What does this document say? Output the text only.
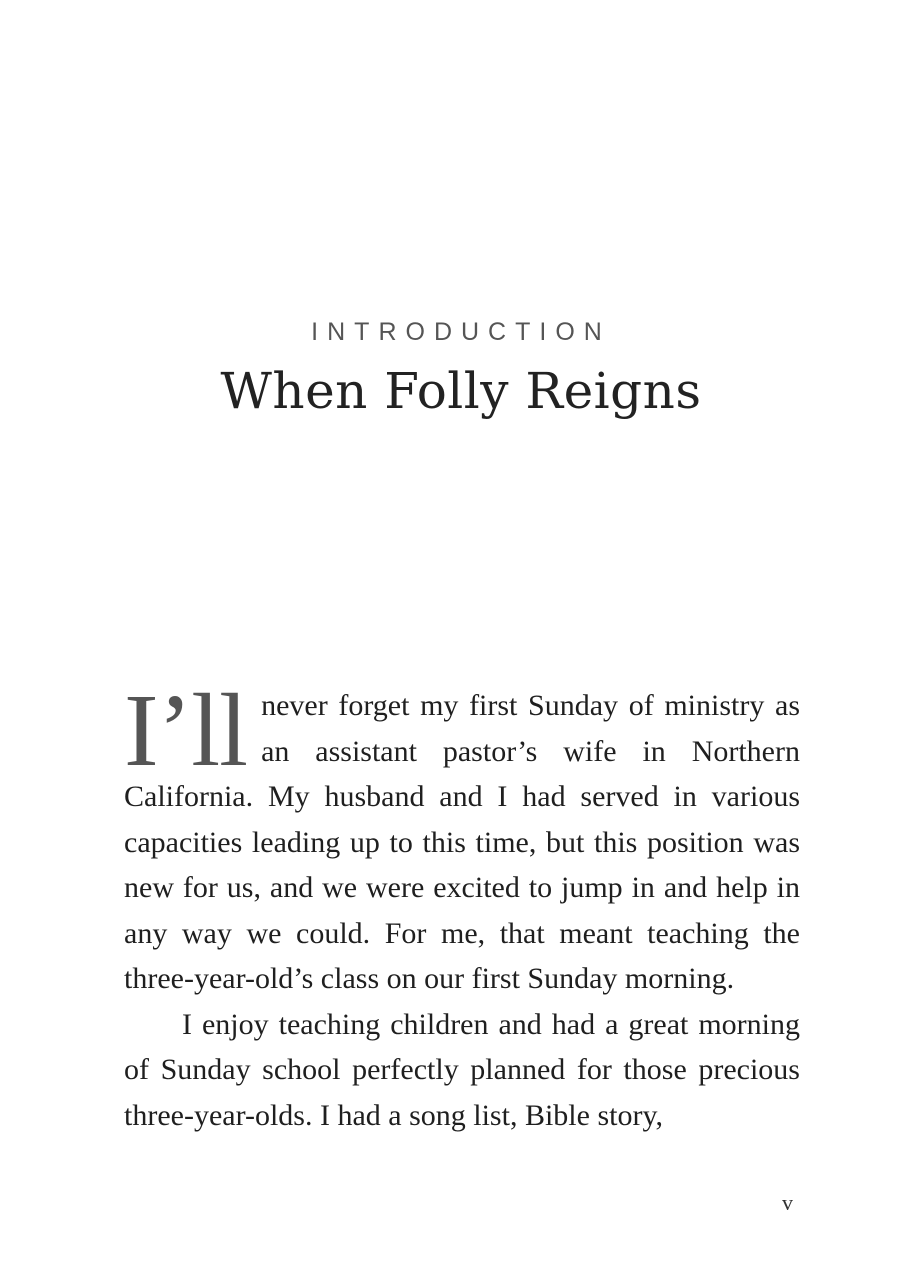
INTRODUCTION
When Folly Reigns

I’ll never forget my first Sunday of ministry as an assistant pastor’s wife in Northern California. My husband and I had served in various capacities leading up to this time, but this position was new for us, and we were excited to jump in and help in any way we could. For me, that meant teaching the three-year-old’s class on our first Sunday morning.

I enjoy teaching children and had a great morning of Sunday school perfectly planned for those precious three-year-olds. I had a song list, Bible story,

v
